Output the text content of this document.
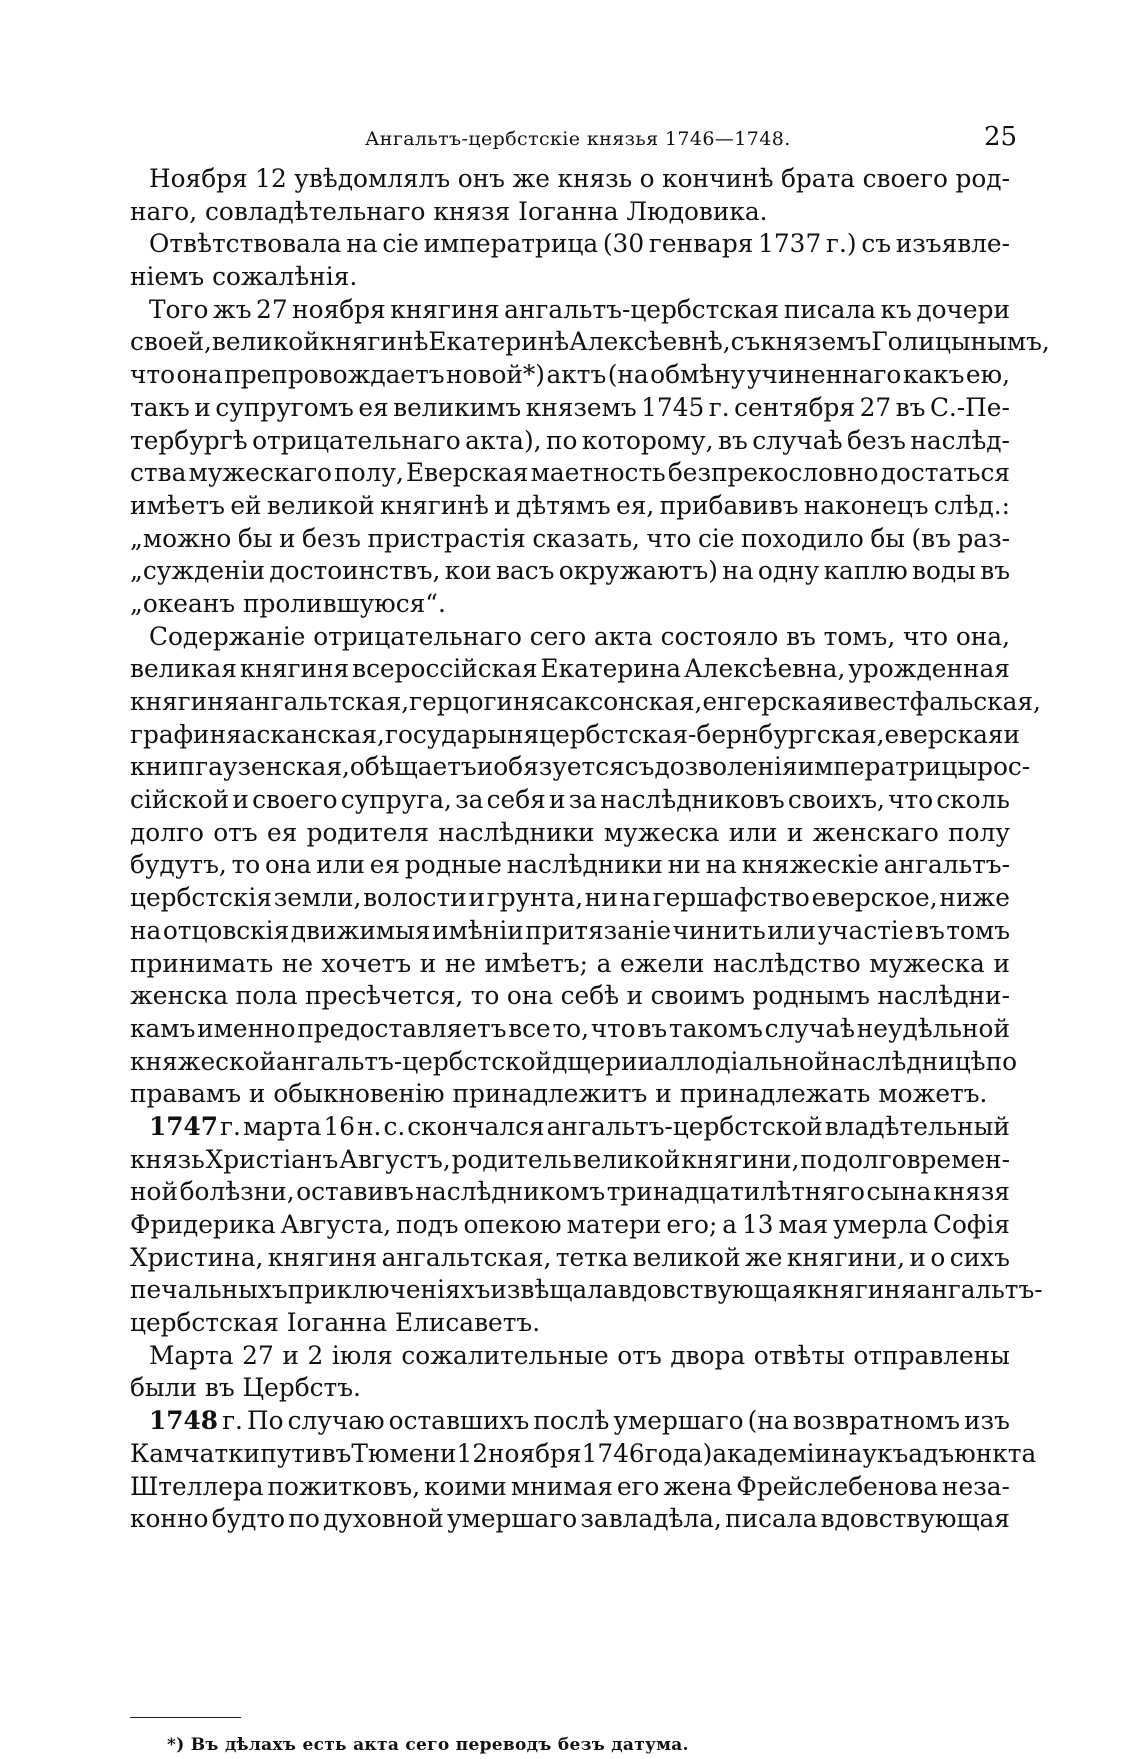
Ангальтъ-цербстскіе князья 1746—1748.	25
Ноября 12 увѣдомлялъ онъ же князь о кончинѣ брата своего род-
наго, совладѣтельнаго князя Іоганна Людовика.
Отвѣтствовала на сіе императрица (30 генваря 1737 г.) съ изъявле-
ніемъ сожалѣнія.
Того жъ 27 ноября княгиня ангальтъ-цербстская писала къ дочери
своей, великой княгинѣ Екатеринѣ Алексѣевнѣ, съ княземъ Голицынымъ,
что она препровождаетъ новой*) актъ (на обмѣну учиненнаго какъ ею,
такъ и супругомъ ея великимъ княземъ 1745 г. сентября 27 въ С.-Пе-
тербургѣ отрицательнаго акта), по которому, въ случаѣ безъ наслѣд-
ства мужескаго полу, Еверская маетность безпрекословно достаться
имѣетъ ей великой княгинѣ и дѣтямъ ея, прибавивъ наконецъ слѣд.:
„можно бы и безъ пристрастія сказать, что сіе походило бы (въ раз-
„сужденіи достоинствъ, кои васъ окружаютъ) на одну каплю воды въ
„океанъ пролившуюся“.
Содержаніе отрицательнаго сего акта состояло въ томъ, что она,
великая княгиня всероссійская Екатерина Алексѣевна, урожденная
княгиня ангальтская, герцогиня саксонская, енгерская и вестфальская,
графиня асканская, государыня цербстская-бернбургская, еверская и
книпгаузенская, обѣщаетъ и обязуется съ дозволенія императрицы рос-
сійской и своего супруга, за себя и за наслѣдниковъ своихъ, что сколь
долго отъ ея родителя наслѣдники мужеска или и женскаго полу
будутъ, то она или ея родные наслѣдники ни на княжескіе ангальтъ-
цербстскія земли, волости и грунта, ни на гершафство еверское, ниже
на отцовскія движимыя имѣніи притязаніе чинить или участіе въ томъ
принимать не хочетъ и не имѣетъ; а ежели наслѣдство мужеска и
женска пола пресѣчется, то она себѣ и своимъ роднымъ наслѣдни-
камъ именно предоставляетъ все то, что въ такомъ случаѣ неудѣльной
княжеской ангальтъ-цербстской дщери и аллодіальной наслѣдницѣ по
правамъ и обыкновенію принадлежитъ и принадлежать можетъ.
1747 г. марта 16 н. с. скончался ангальтъ-цербстской владѣтельный
князь Христіанъ Августъ, родитель великой княгини, по долговремен-
ной болѣзни, оставивъ наслѣдникомъ тринадцатилѣтняго сына князя
Фридерика Августа, подъ опекою матери его; а 13 мая умерла Софія
Христина, княгиня ангальтская, тетка великой же княгини, и о сихъ
печальныхъ приключеніяхъ извѣщала вдовствующая княгиня ангальтъ-
цербстская Іоганна Елисаветъ.
Марта 27 и 2 іюля сожалительные отъ двора отвѣты отправлены
были въ Цербстъ.
1748 г. По случаю оставшихъ послѣ умершаго (на возвратномъ изъ
Камчатки пути въ Тюмени 12 ноября 1746 года) академіи наукъ адъюнкта
Штеллера пожитковъ, коими мнимая его жена Фрейслебенова неза-
конно будто по духовной умершаго завладѣла, писала вдовствующая
*) Въ дѣлахъ есть акта сего переводъ безъ датума.
